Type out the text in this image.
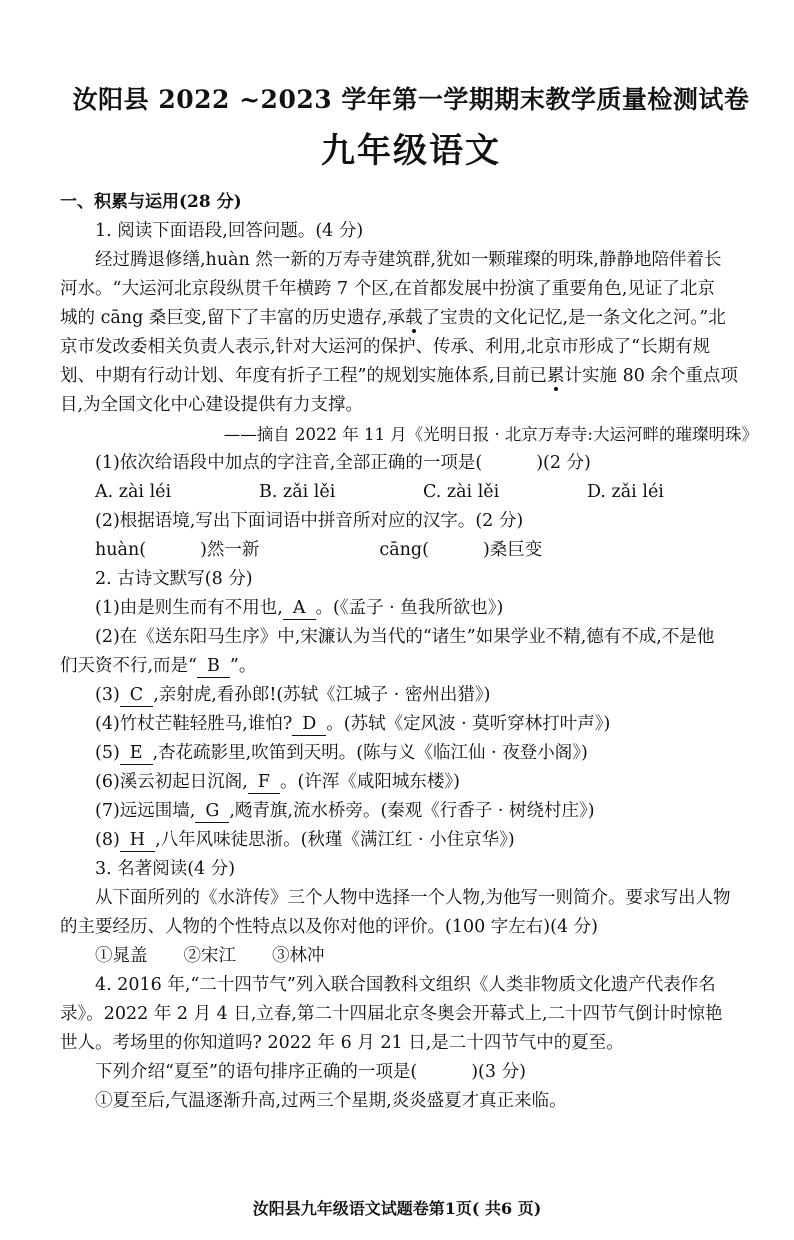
汝阳县 2022 ~2023 学年第一学期期末教学质量检测试卷
九年级语文

一、积累与运用(28 分)

1. 阅读下面语段,回答问题。(4 分)

经过腾退修缮,huàn 然一新的万寿寺建筑群,犹如一颗璀璨的明珠,静静地陪伴着长

河水。“大运河北京段纵贯千年横跨 7 个区,在首都发展中扮演了重要角色,见证了北京

城的 cāng 桑巨变,留下了丰富的历史遗存,承载了宝贵的文化记忆,是一条文化之河。”北

京市发改委相关负责人表示,针对大运河的保护、传承、利用,北京市形成了“长期有规

划、中期有行动计划、年度有折子工程”的规划实施体系,目前已累计实施 80 余个重点项

目,为全国文化中心建设提供有力支撑。

——摘自 2022 年 11 月《光明日报 · 北京万寿寺:大运河畔的璀璨明珠》

(1)依次给语段中加点的字注音,全部正确的一项是(	)(2 分)

A. zài léi	B. zǎi lěi	C. zài lěi	D. zǎi léi

(2)根据语境,写出下面词语中拼音所对应的汉字。(2 分)

huàn(	)然一新	cāng(	)桑巨变

2. 古诗文默写(8 分)

(1)由是则生而有不用也, A 。(《孟子 · 鱼我所欲也》)

(2)在《送东阳马生序》中,宋濂认为当代的“诸生”如果学业不精,德有不成,不是他

们天资不行,而是“ B ”。

(3) C ,亲射虎,看孙郎!(苏轼《江城子 · 密州出猎》)

(4)竹杖芒鞋轻胜马,谁怕? D 。(苏轼《定风波 · 莫听穿林打叶声》)

(5) E ,杏花疏影里,吹笛到天明。(陈与义《临江仙 · 夜登小阁》)

(6)溪云初起日沉阁, F 。(许浑《咸阳城东楼》)

(7)远远围墙, G ,飏青旗,流水桥旁。(秦观《行香子 · 树绕村庄》)

(8) H ,八年风味徒思浙。(秋瑾《满江红 · 小住京华》)

3. 名著阅读(4 分)

从下面所列的《水浒传》三个人物中选择一个人物,为他写一则简介。要求写出人物

的主要经历、人物的个性特点以及你对他的评价。(100 字左右)(4 分)

①晁盖 ②宋江 ③林冲

4. 2016 年,“二十四节气”列入联合国教科文组织《人类非物质文化遗产代表作名

录》。2022 年 2 月 4 日,立春,第二十四届北京冬奥会开幕式上,二十四节气倒计时惊艳

世人。考场里的你知道吗? 2022 年 6 月 21 日,是二十四节气中的夏至。

下列介绍“夏至”的语句排序正确的一项是(	)(3 分)

①夏至后,气温逐渐升高,过两三个星期,炎炎盛夏才真正来临。

汝阳县九年级语文试题卷第1页( 共6 页)
